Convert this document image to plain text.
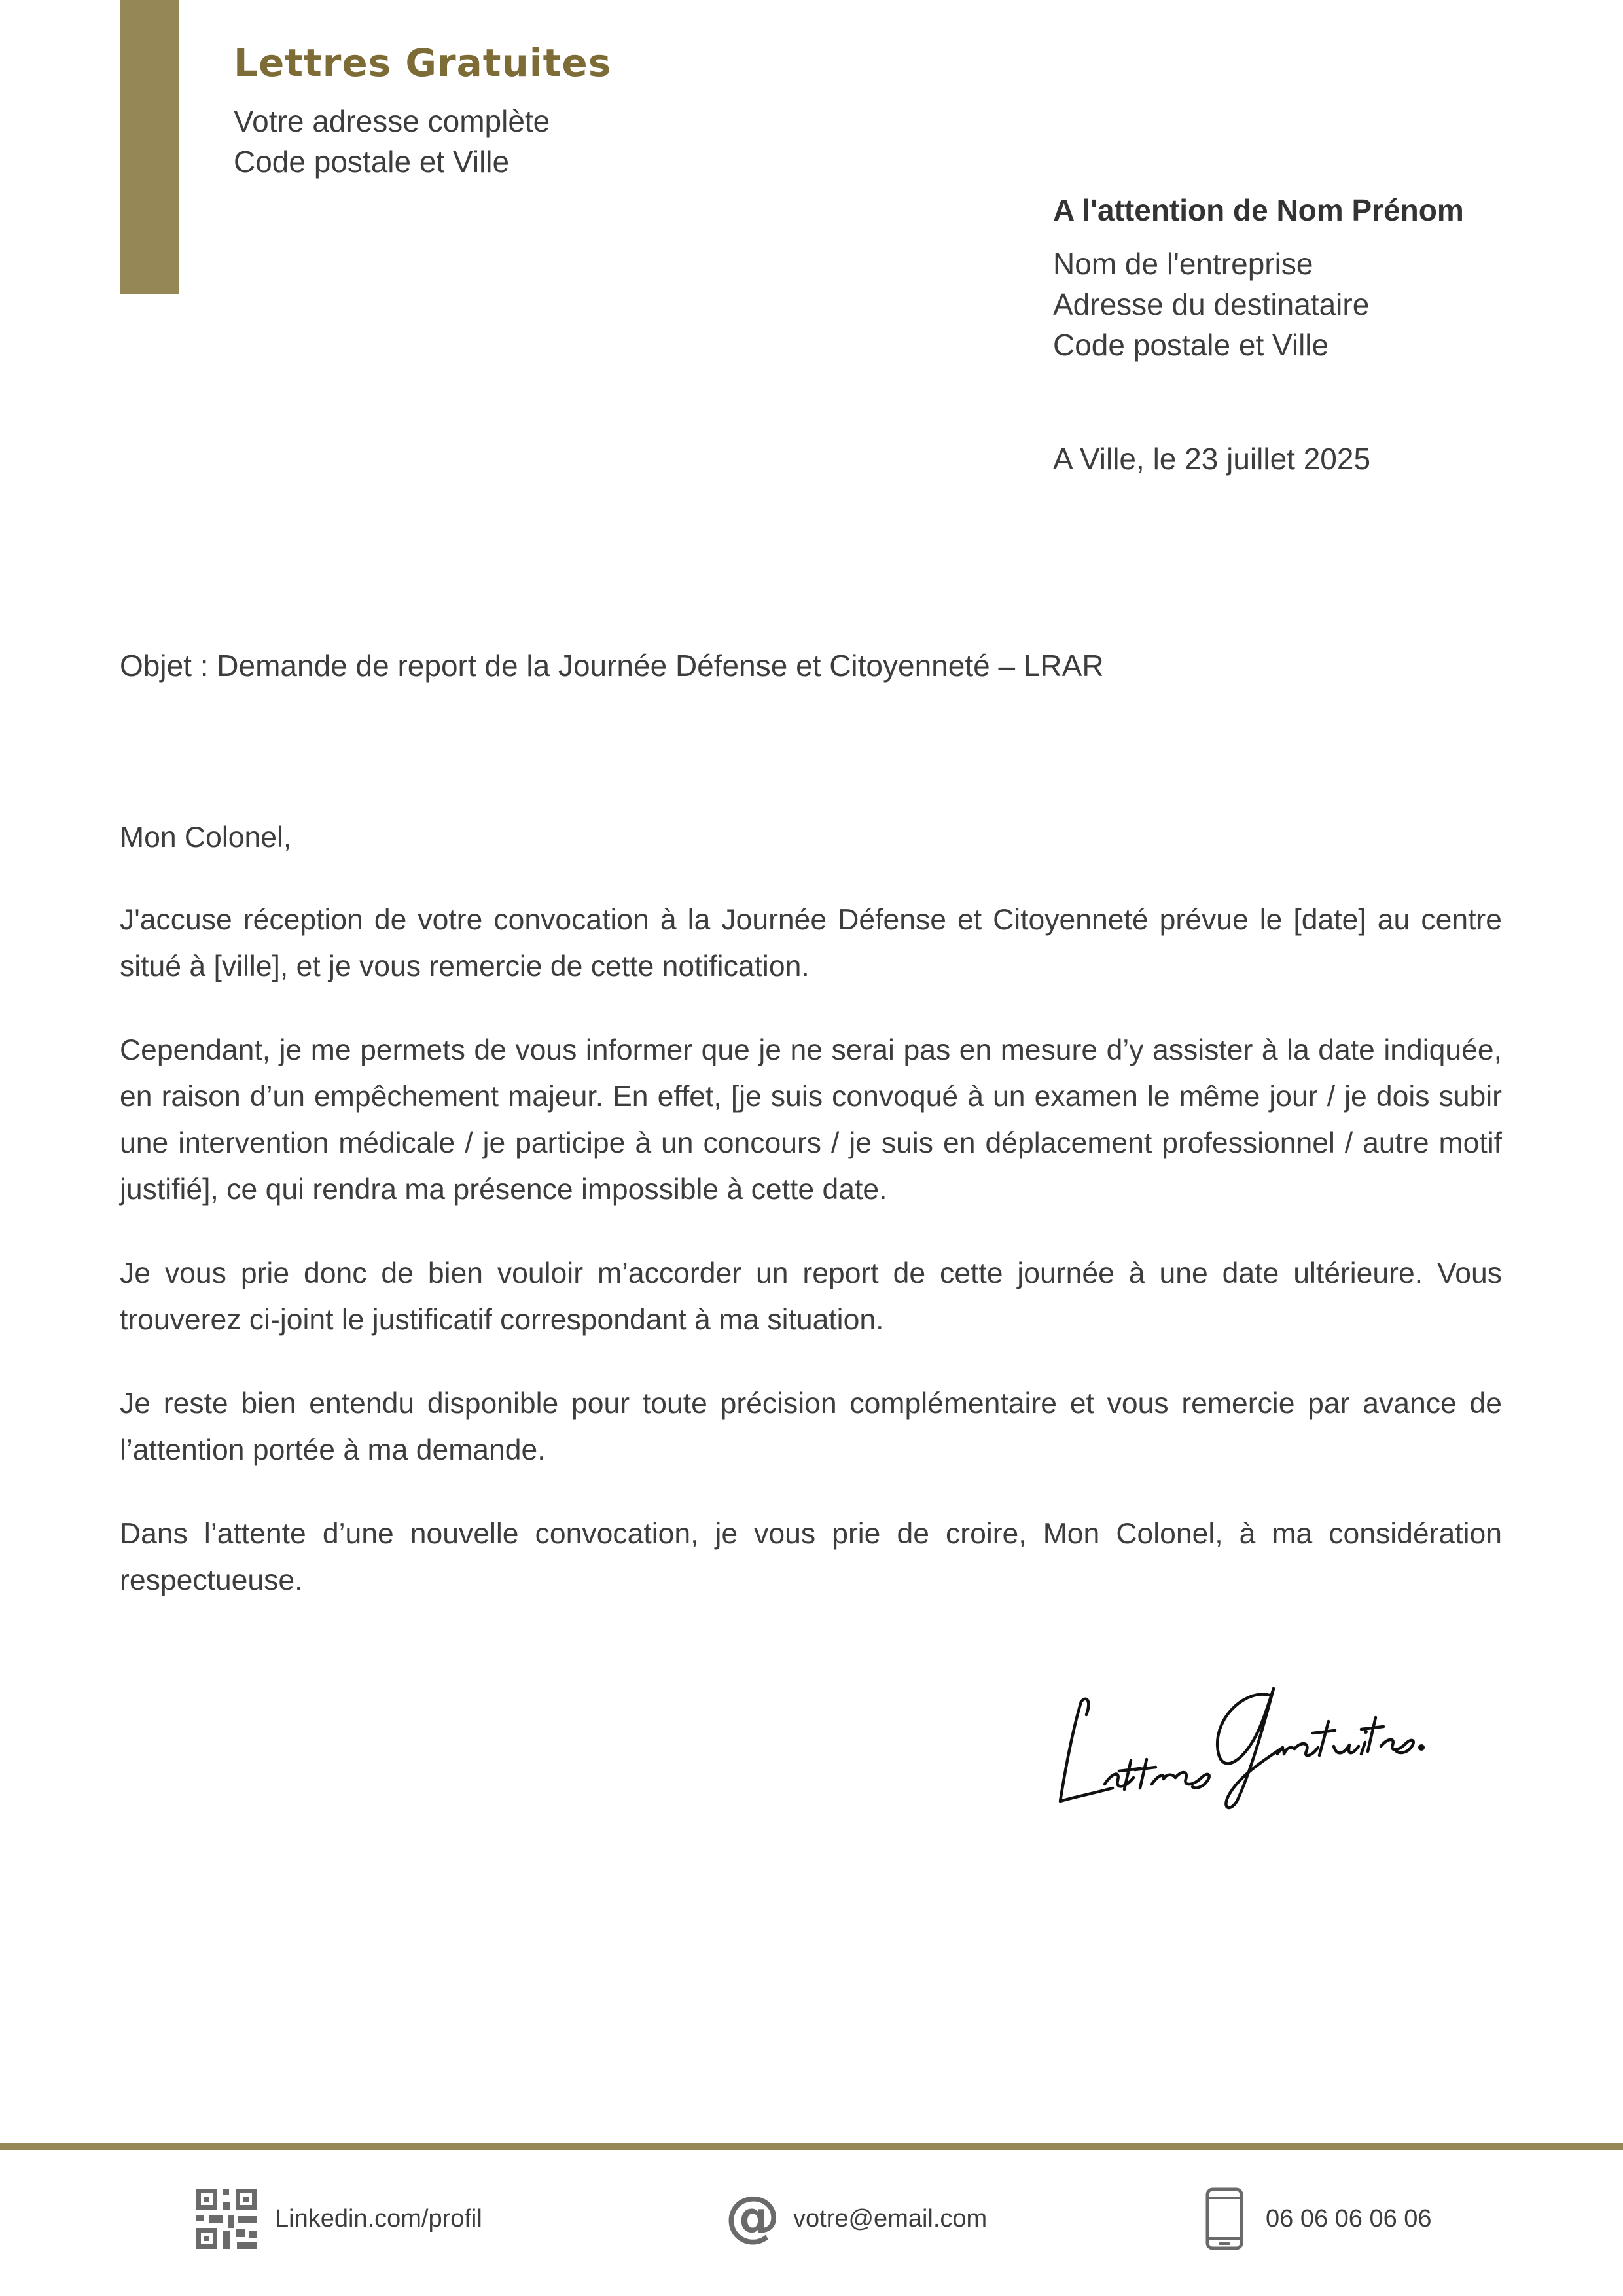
Lettres Gratuites
Votre adresse complète
Code postale et Ville
A l'attention de Nom Prénom
Nom de l'entreprise
Adresse du destinataire
Code postale et Ville
A Ville, le 23 juillet 2025
Objet : Demande de report de la Journée Défense et Citoyenneté – LRAR

Mon Colonel,

J'accuse réception de votre convocation à la Journée Défense et Citoyenneté prévue le [date] au centre situé à [ville], et je vous remercie de cette notification.

Cependant, je me permets de vous informer que je ne serai pas en mesure d’y assister à la date indiquée, en raison d’un empêchement majeur. En effet, [je suis convoqué à un examen le même jour / je dois subir une intervention médicale / je participe à un concours / je suis en déplacement professionnel / autre motif justifié], ce qui rendra ma présence impossible à cette date.

Je vous prie donc de bien vouloir m’accorder un report de cette journée à une date ultérieure. Vous trouverez ci-joint le justificatif correspondant à ma situation.

Je reste bien entendu disponible pour toute précision complémentaire et vous remercie par avance de l’attention portée à ma demande.

Dans l’attente d’une nouvelle convocation, je vous prie de croire, Mon Colonel, à ma considération respectueuse.

Linkedin.com/profil	@ votre@email.com	06 06 06 06 06
